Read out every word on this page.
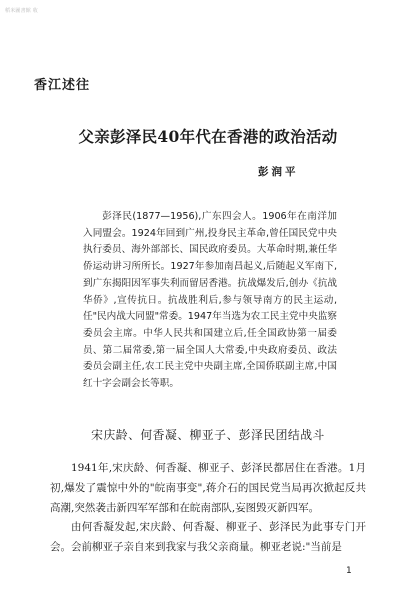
稻米圖書館 收
香江述往
父亲彭泽民40年代在香港的政治活动
彭润平
彭泽民(1877—1956),广东四会人。1906年在南洋加入同盟会。1924年回到广州,投身民主革命,曾任国民党中央执行委员、海外部部长、国民政府委员。大革命时期,兼任华侨运动讲习所所长。1927年参加南昌起义,后随起义军南下,到广东揭阳因军事失利而留居香港。抗战爆发后,创办《抗战华侨》,宣传抗日。抗战胜利后,参与领导南方的民主运动,任"民内战大同盟"常委。1947年当选为农工民主党中央监察委员会主席。中华人民共和国建立后,任全国政协第一届委员、第二届常委,第一届全国人大常委,中央政府委员、政法委员会副主任,农工民主党中央副主席,全国侨联副主席,中国红十字会副会长等职。
宋庆龄、何香凝、柳亚子、彭泽民团结战斗

1941年,宋庆龄、何香凝、柳亚子、彭泽民都居住在香港。1月初,爆发了震惊中外的"皖南事变",蒋介石的国民党当局再次掀起反共高潮,突然袭击新四军军部和在皖南部队,妄图毁灭新四军。

由何香凝发起,宋庆龄、何香凝、柳亚子、彭泽民为此事专门开会。会前柳亚子亲自来到我家与我父亲商量。柳亚老说:"当前是

1
